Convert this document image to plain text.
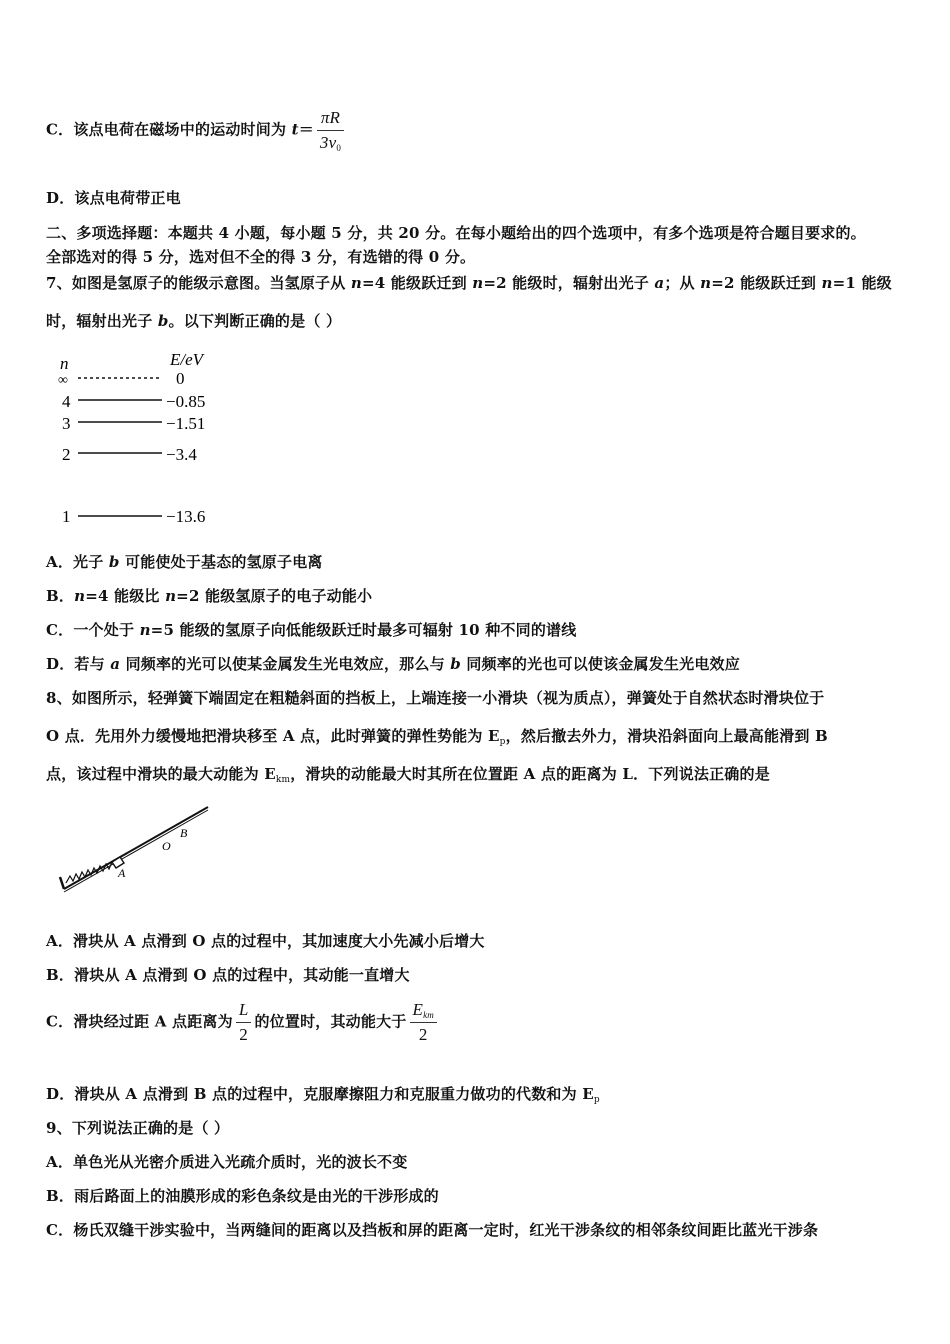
C．该点电荷在磁场中的运动时间为 $t= \frac{\pi R}{3v_0}$
D．该点电荷带正电
二、多项选择题：本题共 4 小题，每小题 5 分，共 20 分。在每小题给出的四个选项中，有多个选项是符合题目要求的。
全部选对的得 5 分，选对但不全的得 3 分，有选错的得 0 分。
7、如图是氢原子的能级示意图。当氢原子从 n=4 能级跃迁到 n=2 能级时，辐射出光子 a；从 n=2 能级跃迁到 n=1 能级
时，辐射出光子 b。以下判断正确的是（ ）
n	E/eV
∞	0
4	−0.85
3	−1.51
2	−3.4
1	−13.6
A．光子 b 可能使处于基态的氢原子电离
B．n=4 能级比 n=2 能级氢原子的电子动能小
C．一个处于 n=5 能级的氢原子向低能级跃迁时最多可辐射 10 种不同的谱线
D．若与 a 同频率的光可以使某金属发生光电效应，那么与 b 同频率的光也可以使该金属发生光电效应
8、如图所示，轻弹簧下端固定在粗糙斜面的挡板上，上端连接一小滑块（视为质点），弹簧处于自然状态时滑块位于
O 点．先用外力缓慢地把滑块移至 A 点，此时弹簧的弹性势能为 $E_p$，然后撤去外力，滑块沿斜面向上最高能滑到 B
点，该过程中滑块的最大动能为 $E_{km}$，滑块的动能最大时其所在位置距 A 点的距离为 L．下列说法正确的是
A
O
B
A．滑块从 A 点滑到 O 点的过程中，其加速度大小先减小后增大
B．滑块从 A 点滑到 O 点的过程中，其动能一直增大
C．滑块经过距 A 点距离为 $\frac{L}{2}$ 的位置时，其动能大于 $\frac{E_{km}}{2}$
D．滑块从 A 点滑到 B 点的过程中，克服摩擦阻力和克服重力做功的代数和为 $E_p$
9、下列说法正确的是（ ）
A．单色光从光密介质进入光疏介质时，光的波长不变
B．雨后路面上的油膜形成的彩色条纹是由光的干涉形成的
C．杨氏双缝干涉实验中，当两缝间的距离以及挡板和屏的距离一定时，红光干涉条纹的相邻条纹间距比蓝光干涉条
